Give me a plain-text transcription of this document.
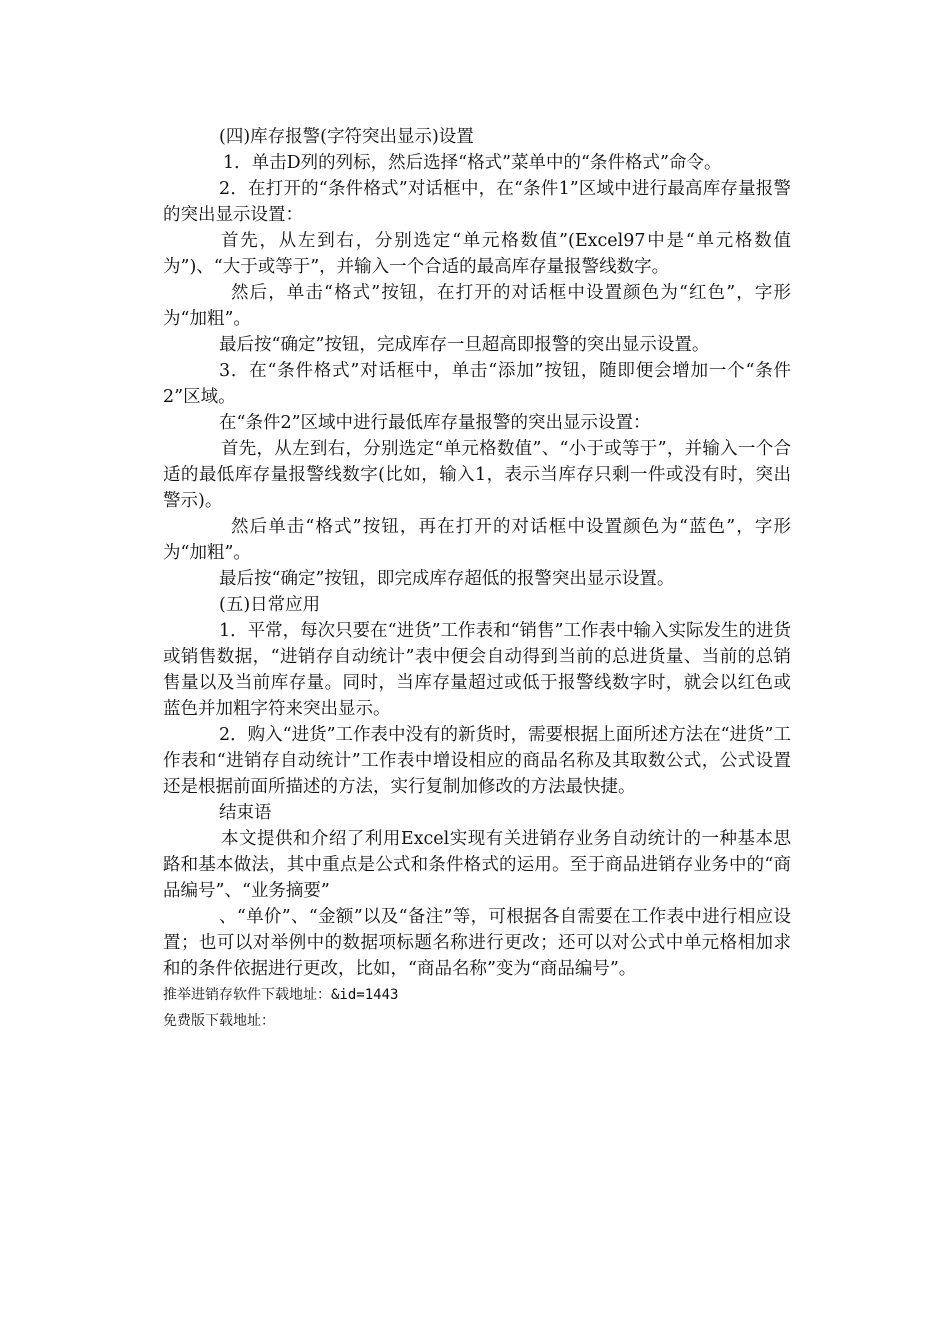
(四)库存报警(字符突出显示)设置

1．单击D列的列标，然后选择“格式”菜单中的“条件格式”命令。

2．在打开的“条件格式”对话框中，在“条件1”区域中进行最高库存量报警的突出显示设置：

首先，从左到右，分别选定“单元格数值”(Excel97中是“单元格数值为”)、“大于或等于”，并输入一个合适的最高库存量报警线数字。

然后，单击“格式”按钮，在打开的对话框中设置颜色为“红色”，字形为“加粗”。

最后按“确定”按钮，完成库存一旦超高即报警的突出显示设置。

3．在“条件格式”对话框中，单击“添加”按钮，随即便会增加一个“条件2”区域。

在“条件2”区域中进行最低库存量报警的突出显示设置：

首先，从左到右，分别选定“单元格数值”、“小于或等于”，并输入一个合适的最低库存量报警线数字(比如，输入1，表示当库存只剩一件或没有时，突出警示)。

然后单击“格式”按钮，再在打开的对话框中设置颜色为“蓝色”，字形为“加粗”。

最后按“确定”按钮，即完成库存超低的报警突出显示设置。

(五)日常应用

1．平常，每次只要在“进货”工作表和“销售”工作表中输入实际发生的进货或销售数据，“进销存自动统计”表中便会自动得到当前的总进货量、当前的总销售量以及当前库存量。同时，当库存量超过或低于报警线数字时，就会以红色或蓝色并加粗字符来突出显示。

2．购入“进货”工作表中没有的新货时，需要根据上面所述方法在“进货”工作表和“进销存自动统计”工作表中增设相应的商品名称及其取数公式，公式设置还是根据前面所描述的方法，实行复制加修改的方法最快捷。

结束语

本文提供和介绍了利用Excel实现有关进销存业务自动统计的一种基本思路和基本做法，其中重点是公式和条件格式的运用。至于商品进销存业务中的“商品编号”、“业务摘要”

、“单价”、“金额”以及“备注”等，可根据各自需要在工作表中进行相应设置；也可以对举例中的数据项标题名称进行更改；还可以对公式中单元格相加求和的条件依据进行更改，比如，“商品名称”变为“商品编号”。

推举进销存软件下载地址：&id=1443

免费版下载地址：
